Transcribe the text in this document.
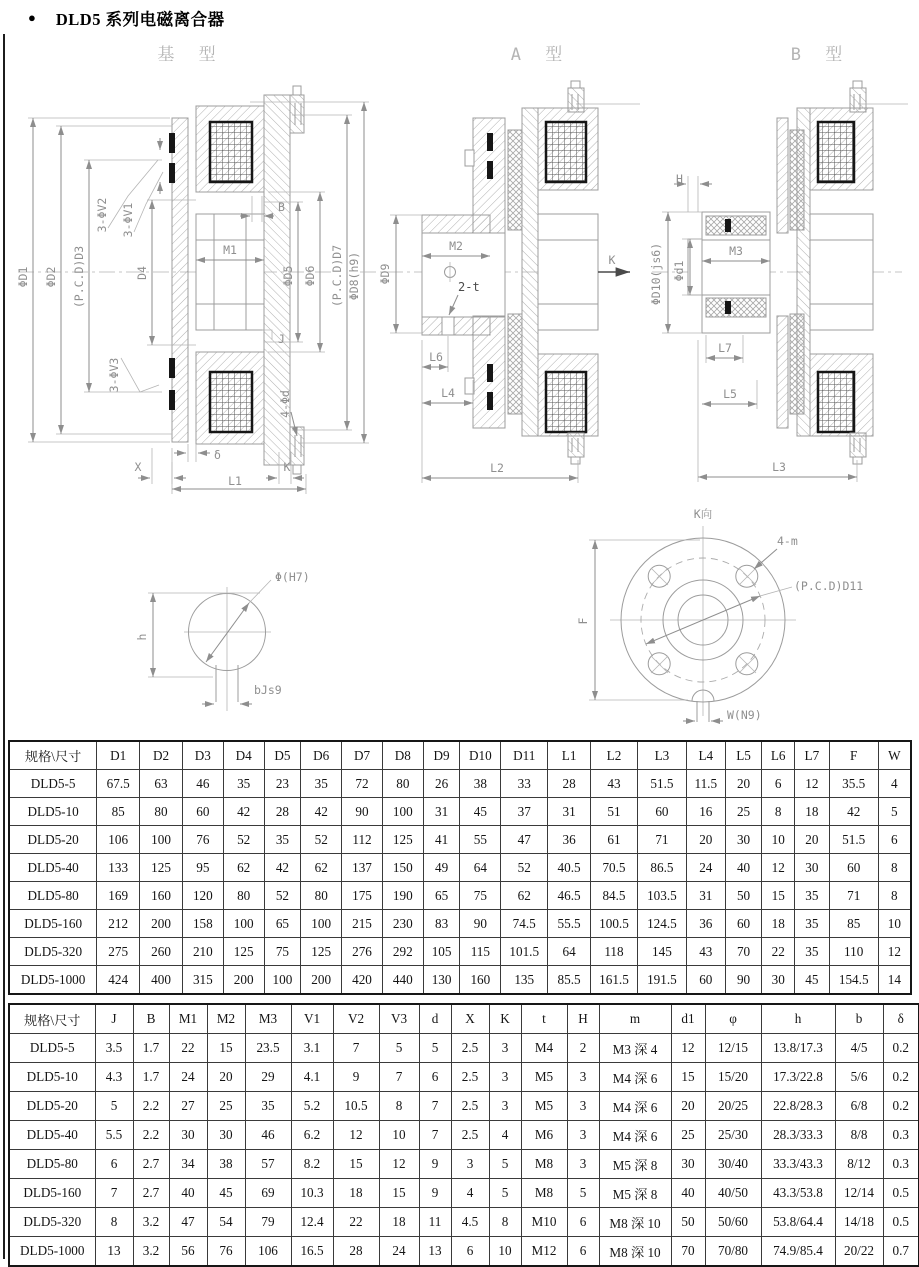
● DLD5 系列电磁离合器
基 型
ΦD1 ΦD2 (P.C.D)D3	D4
3-ΦV2 3-ΦV1
3-ΦV3
M1
B
ΦD5 ΦD6 (P.C.D)D7 ΦD8(h9)
J
4-Φd
δ
X	K
L1
A 型
ΦD9
M2
2-t
L6
L4
L2
K
B 型
H
ΦD10(js6) Φd1
M3
L7
L5
L3
h
Φ(H7)
bJs9
K向
F
4-m
(P.C.D)D11
W(N9)
规格\尺寸	D1	D2	D3	D4	D5	D6	D7	D8	D9	D10	D11	L1	L2	L3	L4	L5	L6	L7	F	W
DLD5-5	67.5	63	46	35	23	35	72	80	26	38	33	28	43	51.5	11.5	20	6	12	35.5	4
DLD5-10	85	80	60	42	28	42	90	100	31	45	37	31	51	60	16	25	8	18	42	5
DLD5-20	106	100	76	52	35	52	112	125	41	55	47	36	61	71	20	30	10	20	51.5	6
DLD5-40	133	125	95	62	42	62	137	150	49	64	52	40.5	70.5	86.5	24	40	12	30	60	8
DLD5-80	169	160	120	80	52	80	175	190	65	75	62	46.5	84.5	103.5	31	50	15	35	71	8
DLD5-160	212	200	158	100	65	100	215	230	83	90	74.5	55.5	100.5	124.5	36	60	18	35	85	10
DLD5-320	275	260	210	125	75	125	276	292	105	115	101.5	64	118	145	43	70	22	35	110	12
DLD5-1000	424	400	315	200	100	200	420	440	130	160	135	85.5	161.5	191.5	60	90	30	45	154.5	14
规格\尺寸	J	B	M1	M2	M3	V1	V2	V3	d	X	K	t	H	m	d1	φ	h	b	δ
DLD5-5	3.5	1.7	22	15	23.5	3.1	7	5	5	2.5	3	M4	2	M3 深 4	12	12/15	13.8/17.3	4/5	0.2
DLD5-10	4.3	1.7	24	20	29	4.1	9	7	6	2.5	3	M5	3	M4 深 6	15	15/20	17.3/22.8	5/6	0.2
DLD5-20	5	2.2	27	25	35	5.2	10.5	8	7	2.5	3	M5	3	M4 深 6	20	20/25	22.8/28.3	6/8	0.2
DLD5-40	5.5	2.2	30	30	46	6.2	12	10	7	2.5	4	M6	3	M4 深 6	25	25/30	28.3/33.3	8/8	0.3
DLD5-80	6	2.7	34	38	57	8.2	15	12	9	3	5	M8	3	M5 深 8	30	30/40	33.3/43.3	8/12	0.3
DLD5-160	7	2.7	40	45	69	10.3	18	15	9	4	5	M8	5	M5 深 8	40	40/50	43.3/53.8	12/14	0.5
DLD5-320	8	3.2	47	54	79	12.4	22	18	11	4.5	8	M10	6	M8 深 10	50	50/60	53.8/64.4	14/18	0.5
DLD5-1000	13	3.2	56	76	106	16.5	28	24	13	6	10	M12	6	M8 深 10	70	70/80	74.9/85.4	20/22	0.7
